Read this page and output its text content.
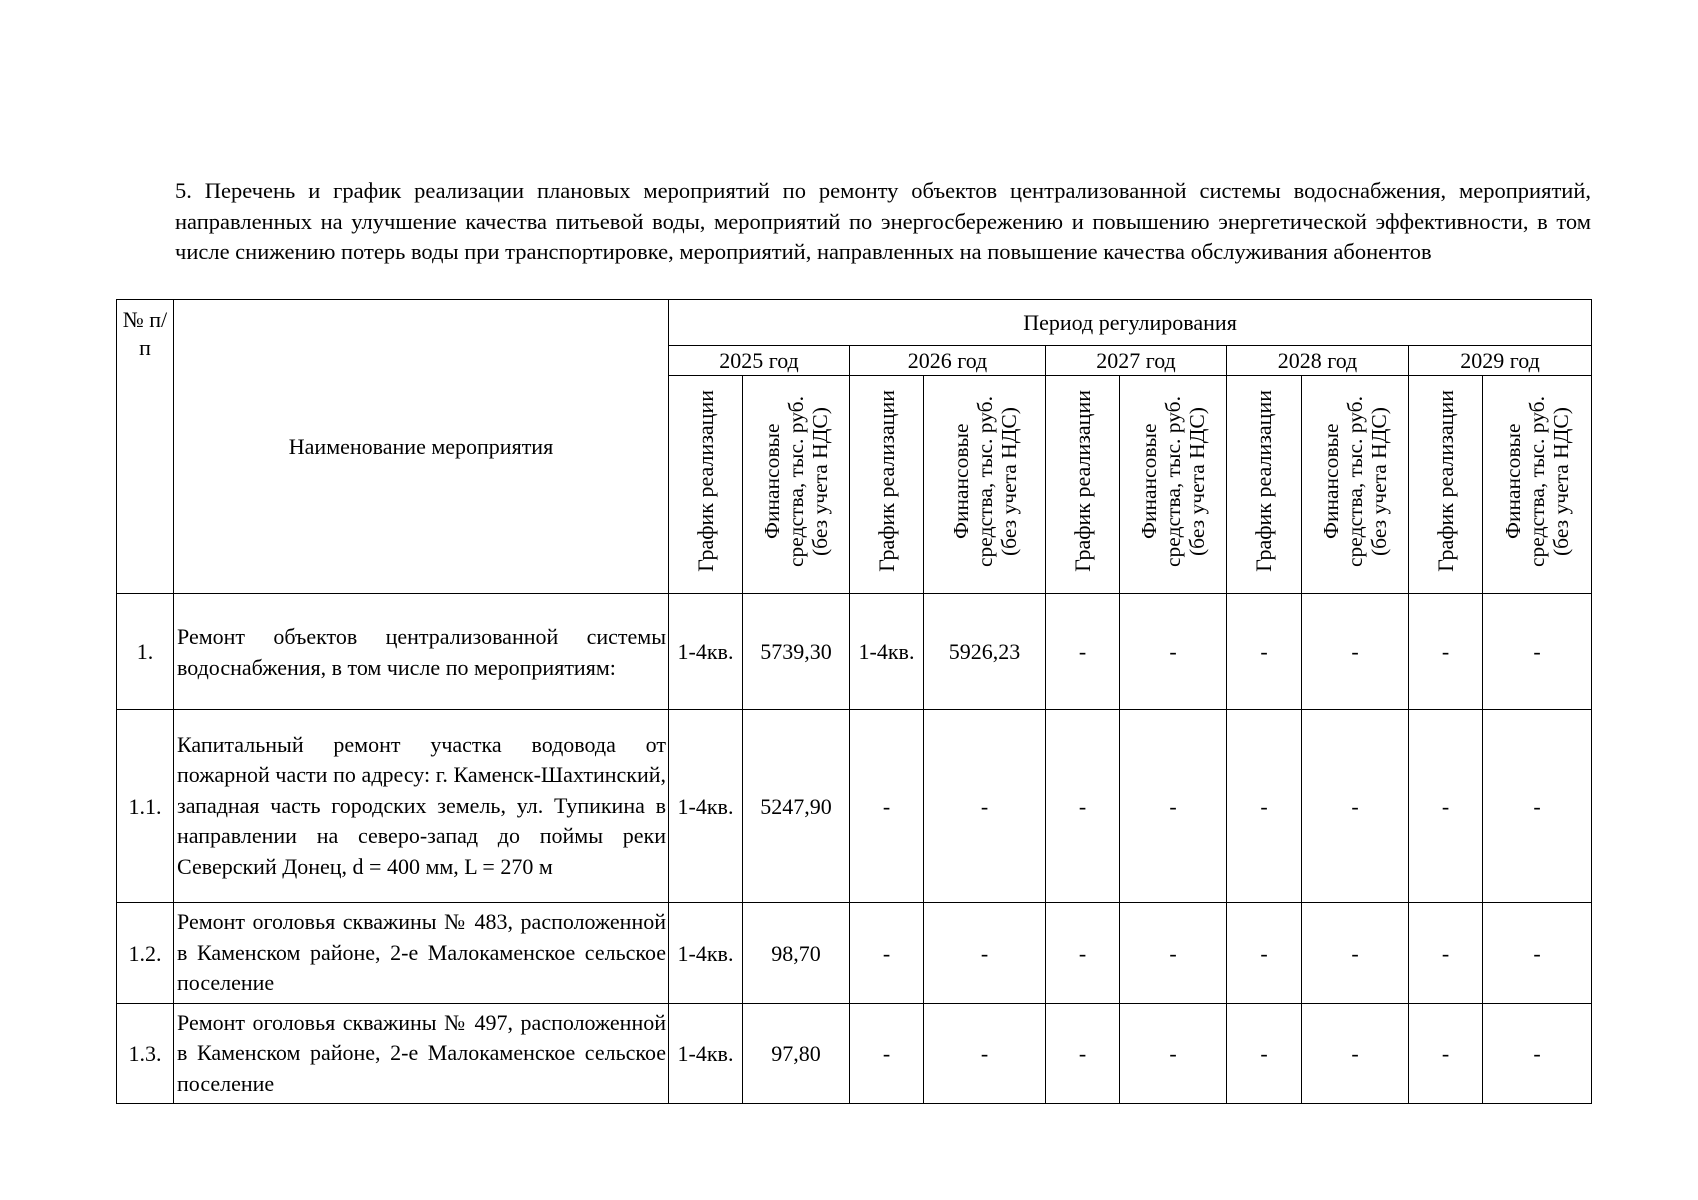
5. Перечень и график реализации плановых мероприятий по ремонту объектов централизованной системы водоснабжения, мероприятий, направленных на улучшение качества питьевой воды, мероприятий по энергосбережению и повышению энергетической эффективности, в том числе снижению потерь воды при транспортировке, мероприятий, направленных на повышение качества обслуживания абонентов
№ п/п	Наименование мероприятия	Период регулирования									
		2025 год		2026 год		2027 год		2028 год		2029 год	
		График реализации	Финансовые
средства, тыс. руб.
(без учета НДС)	График реализации	Финансовые
средства, тыс. руб.
(без учета НДС)	График реализации	Финансовые
средства, тыс. руб.
(без учета НДС)	График реализации	Финансовые
средства, тыс. руб.
(без учета НДС)	График реализации	Финансовые
средства, тыс. руб.
(без учета НДС)
1.	Ремонт объектов централизованной системы водоснабжения, в том числе по мероприятиям:	1-4кв.	5739,30	1-4кв.	5926,23	-	-	-	-	-	-
1.1.	Капитальный ремонт участка водовода от пожарной части по адресу: г. Каменск-Шахтинский, западная часть городских земель, ул. Тупикина в направлении на северо-запад до поймы реки Северский Донец, d = 400 мм, L = 270 м	1-4кв.	5247,90	-	-	-	-	-	-	-	-
1.2.	Ремонт оголовья скважины № 483, расположенной в Каменском районе, 2-е Малокаменское сельское поселение	1-4кв.	98,70	-	-	-	-	-	-	-	-
1.3.	Ремонт оголовья скважины № 497, расположенной в Каменском районе, 2-е Малокаменское сельское поселение	1-4кв.	97,80	-	-	-	-	-	-	-	-
